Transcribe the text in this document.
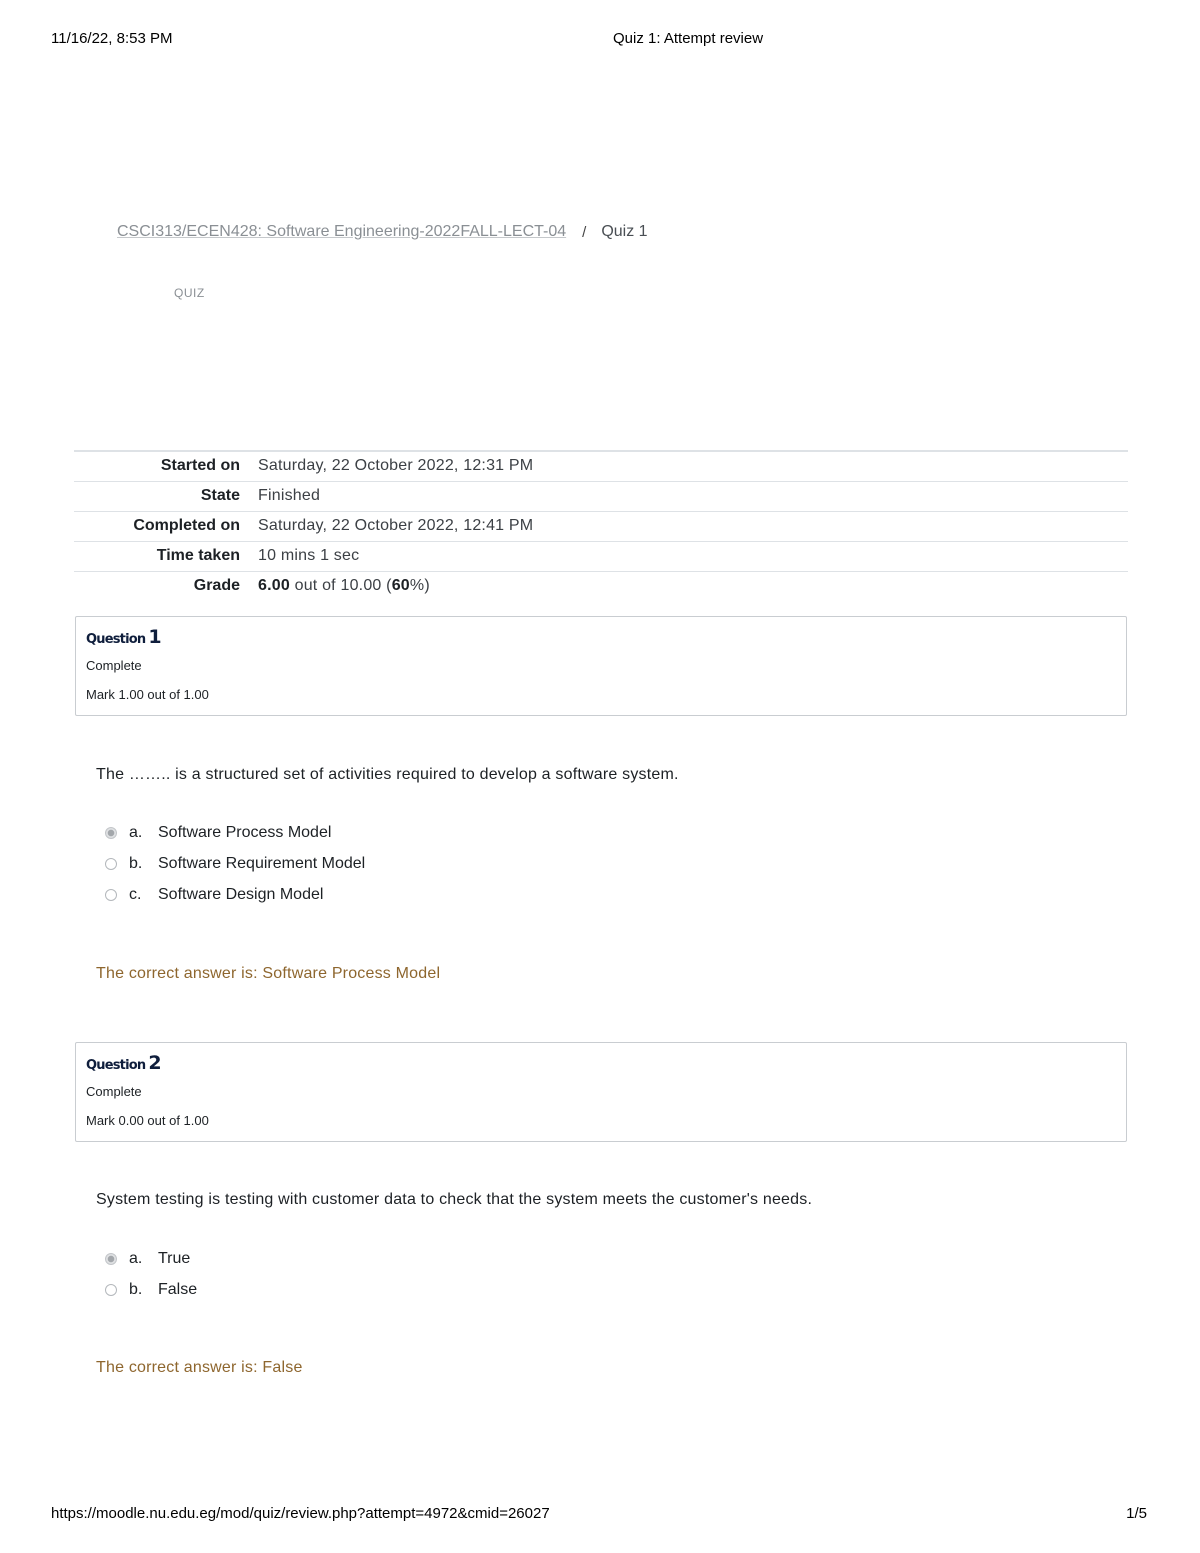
11/16/22, 8:53 PM	Quiz 1: Attempt review
CSCI313/ECEN428: Software Engineering-2022FALL-LECT-04 / Quiz 1
QUIZ
Started on	Saturday, 22 October 2022, 12:31 PM
State	Finished
Completed on	Saturday, 22 October 2022, 12:41 PM
Time taken	10 mins 1 sec
Grade	6.00 out of 10.00 (60%)
Question 1
Complete
Mark 1.00 out of 1.00
The …….. is a structured set of activities required to develop a software system.
a. Software Process Model
b. Software Requirement Model
c.	Software Design Model
The correct answer is: Software Process Model
Question 2
Complete
Mark 0.00 out of 1.00
System testing is testing with customer data to check that the system meets the customer's needs.
a. True
b. False
The correct answer is: False
https://moodle.nu.edu.eg/mod/quiz/review.php?attempt=4972&cmid=26027	1/5
